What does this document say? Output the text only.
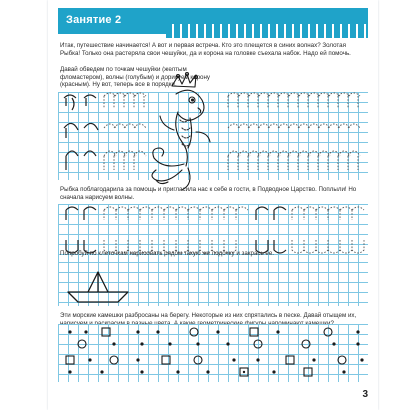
Занятие 2
Итак, путешествие начинается! А вот и первая встреча. Кто это плещется в синих волнах? Золотая Рыбка! Только она растеряла свои чешуйки, да и корона на головке съехала набок. Надо ей помочь.
Давай обведем по точкам чешуйки (желтым фломастером), волны (голубым) и дорисуем корону (красным). Ну вот, теперь все в порядке.
Рыбка поблагодарила за помощь и пригласила нас к себе в гости, в Подводное Царство. Поплыли! Но сначала нарисуем волны.
Попробуй по клеточкам нарисовать рядом такую же лодочку и закрась ее.
Эти морские камешки разбросаны на берегу. Некоторые из них спрятались в песке. Давай отыщем их,
3
